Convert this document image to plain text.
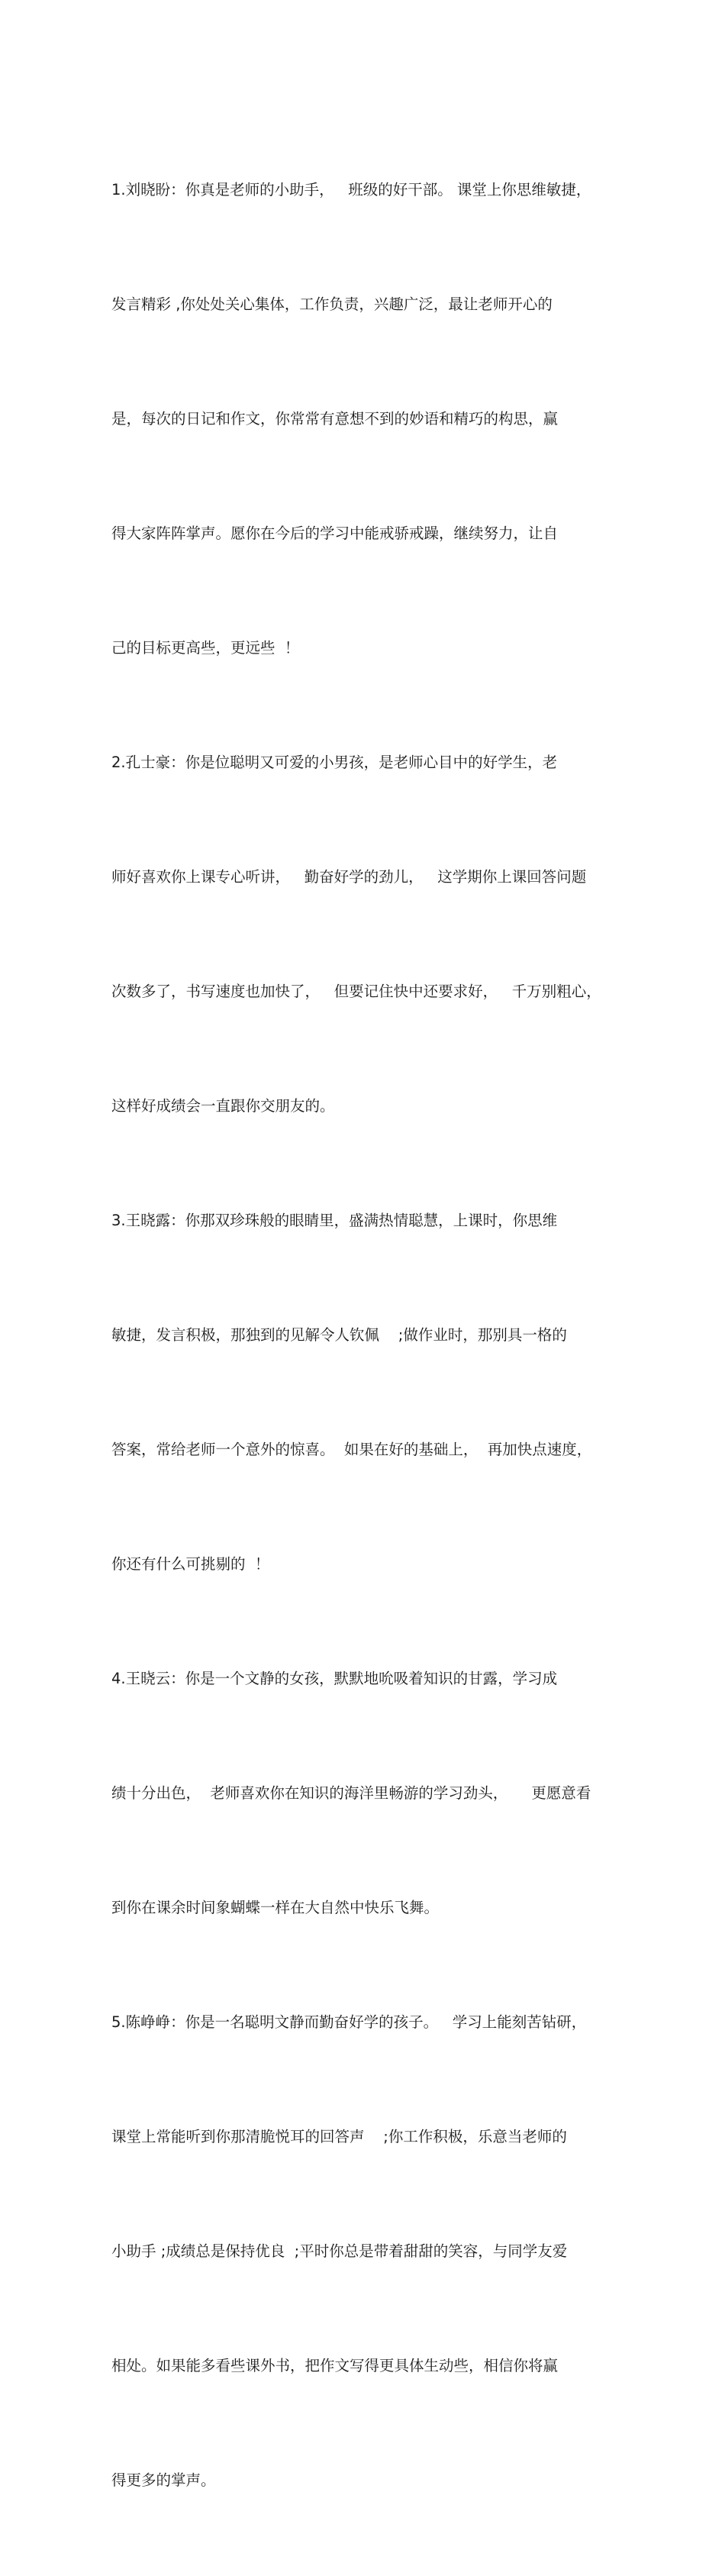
1.刘晓盼：你真是老师的小助手，   班级的好干部。 课堂上你思维敏捷，

发言精彩 ,你处处关心集体，工作负责，兴趣广泛，最让老师开心的

是，每次的日记和作文，你常常有意想不到的妙语和精巧的构思，赢

得大家阵阵掌声。愿你在今后的学习中能戒骄戒躁，继续努力，让自

己的目标更高些，更远些  ！

2.孔士豪：你是位聪明又可爱的小男孩，是老师心目中的好学生，老

师好喜欢你上课专心听讲，   勤奋好学的劲儿，   这学期你上课回答问题

次数多了，书写速度也加快了，   但要记住快中还要求好，   千万别粗心，

这样好成绩会一直跟你交朋友的。

3.王晓露：你那双珍珠般的眼睛里，盛满热情聪慧，上课时，你思维

敏捷，发言积极，那独到的见解令人钦佩    ;做作业时，那别具一格的

答案，常给老师一个意外的惊喜。  如果在好的基础上，  再加快点速度，

你还有什么可挑剔的  ！

4.王晓云：你是一个文静的女孩，默默地吮吸着知识的甘露，学习成

绩十分出色，  老师喜欢你在知识的海洋里畅游的学习劲头，     更愿意看

到你在课余时间象蝴蝶一样在大自然中快乐飞舞。

5.陈峥峥：你是一名聪明文静而勤奋好学的孩子。   学习上能刻苦钻研，

课堂上常能听到你那清脆悦耳的回答声    ;你工作积极，乐意当老师的

小助手 ;成绩总是保持优良  ;平时你总是带着甜甜的笑容，与同学友爱

相处。如果能多看些课外书，把作文写得更具体生动些，相信你将赢

得更多的掌声。
